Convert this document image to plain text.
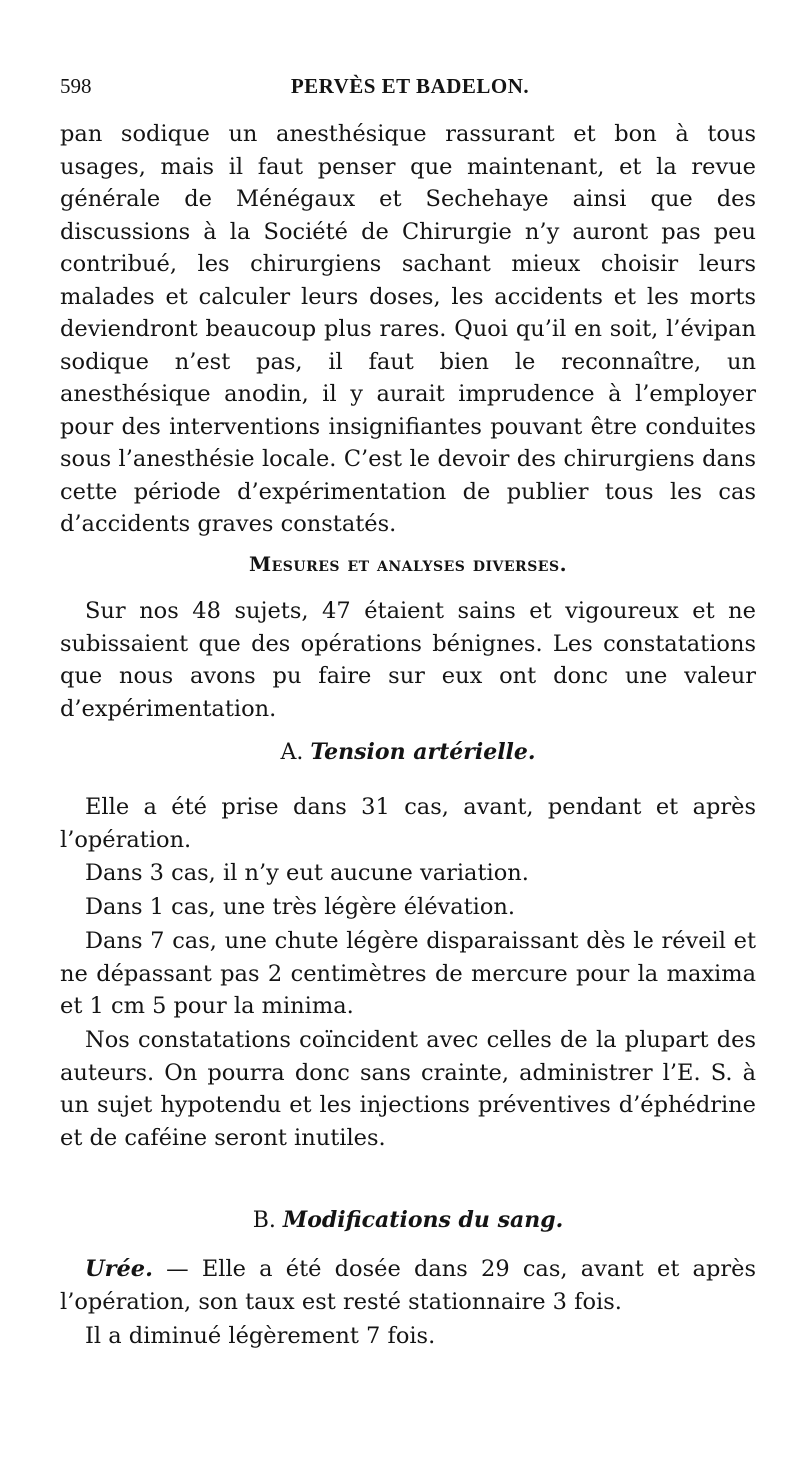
598	PERVÈS ET BADELON.

pan sodique un anesthésique rassurant et bon à tous usages, mais il faut penser que maintenant, et la revue générale de Ménégaux et Sechehaye ainsi que des discussions à la Société de Chirurgie n’y auront pas peu contribué, les chirurgiens sachant mieux choisir leurs malades et calculer leurs doses, les accidents et les morts deviendront beaucoup plus rares. Quoi qu’il en soit, l’évipan sodique n’est pas, il faut bien le reconnaître, un anesthésique anodin, il y aurait imprudence à l’employer pour des interventions insignifiantes pouvant être conduites sous l’anesthésie locale. C’est le devoir des chirurgiens dans cette période d’expérimentation de publier tous les cas d’accidents graves constatés.

Mesures et analyses diverses.

Sur nos 48 sujets, 47 étaient sains et vigoureux et ne subissaient que des opérations bénignes. Les constatations que nous avons pu faire sur eux ont donc une valeur d’expérimentation.

A. Tension artérielle.

Elle a été prise dans 31 cas, avant, pendant et après l’opération.

Dans 3 cas, il n’y eut aucune variation.

Dans 1 cas, une très légère élévation.

Dans 7 cas, une chute légère disparaissant dès le réveil et ne dépassant pas 2 centimètres de mercure pour la maxima et 1 cm 5 pour la minima.

Nos constatations coïncident avec celles de la plupart des auteurs. On pourra donc sans crainte, administrer l’E. S. à un sujet hypotendu et les injections préventives d’éphédrine et de caféine seront inutiles.

B. Modifications du sang.

Urée. — Elle a été dosée dans 29 cas, avant et après l’opération, son taux est resté stationnaire 3 fois.

Il a diminué légèrement 7 fois.
